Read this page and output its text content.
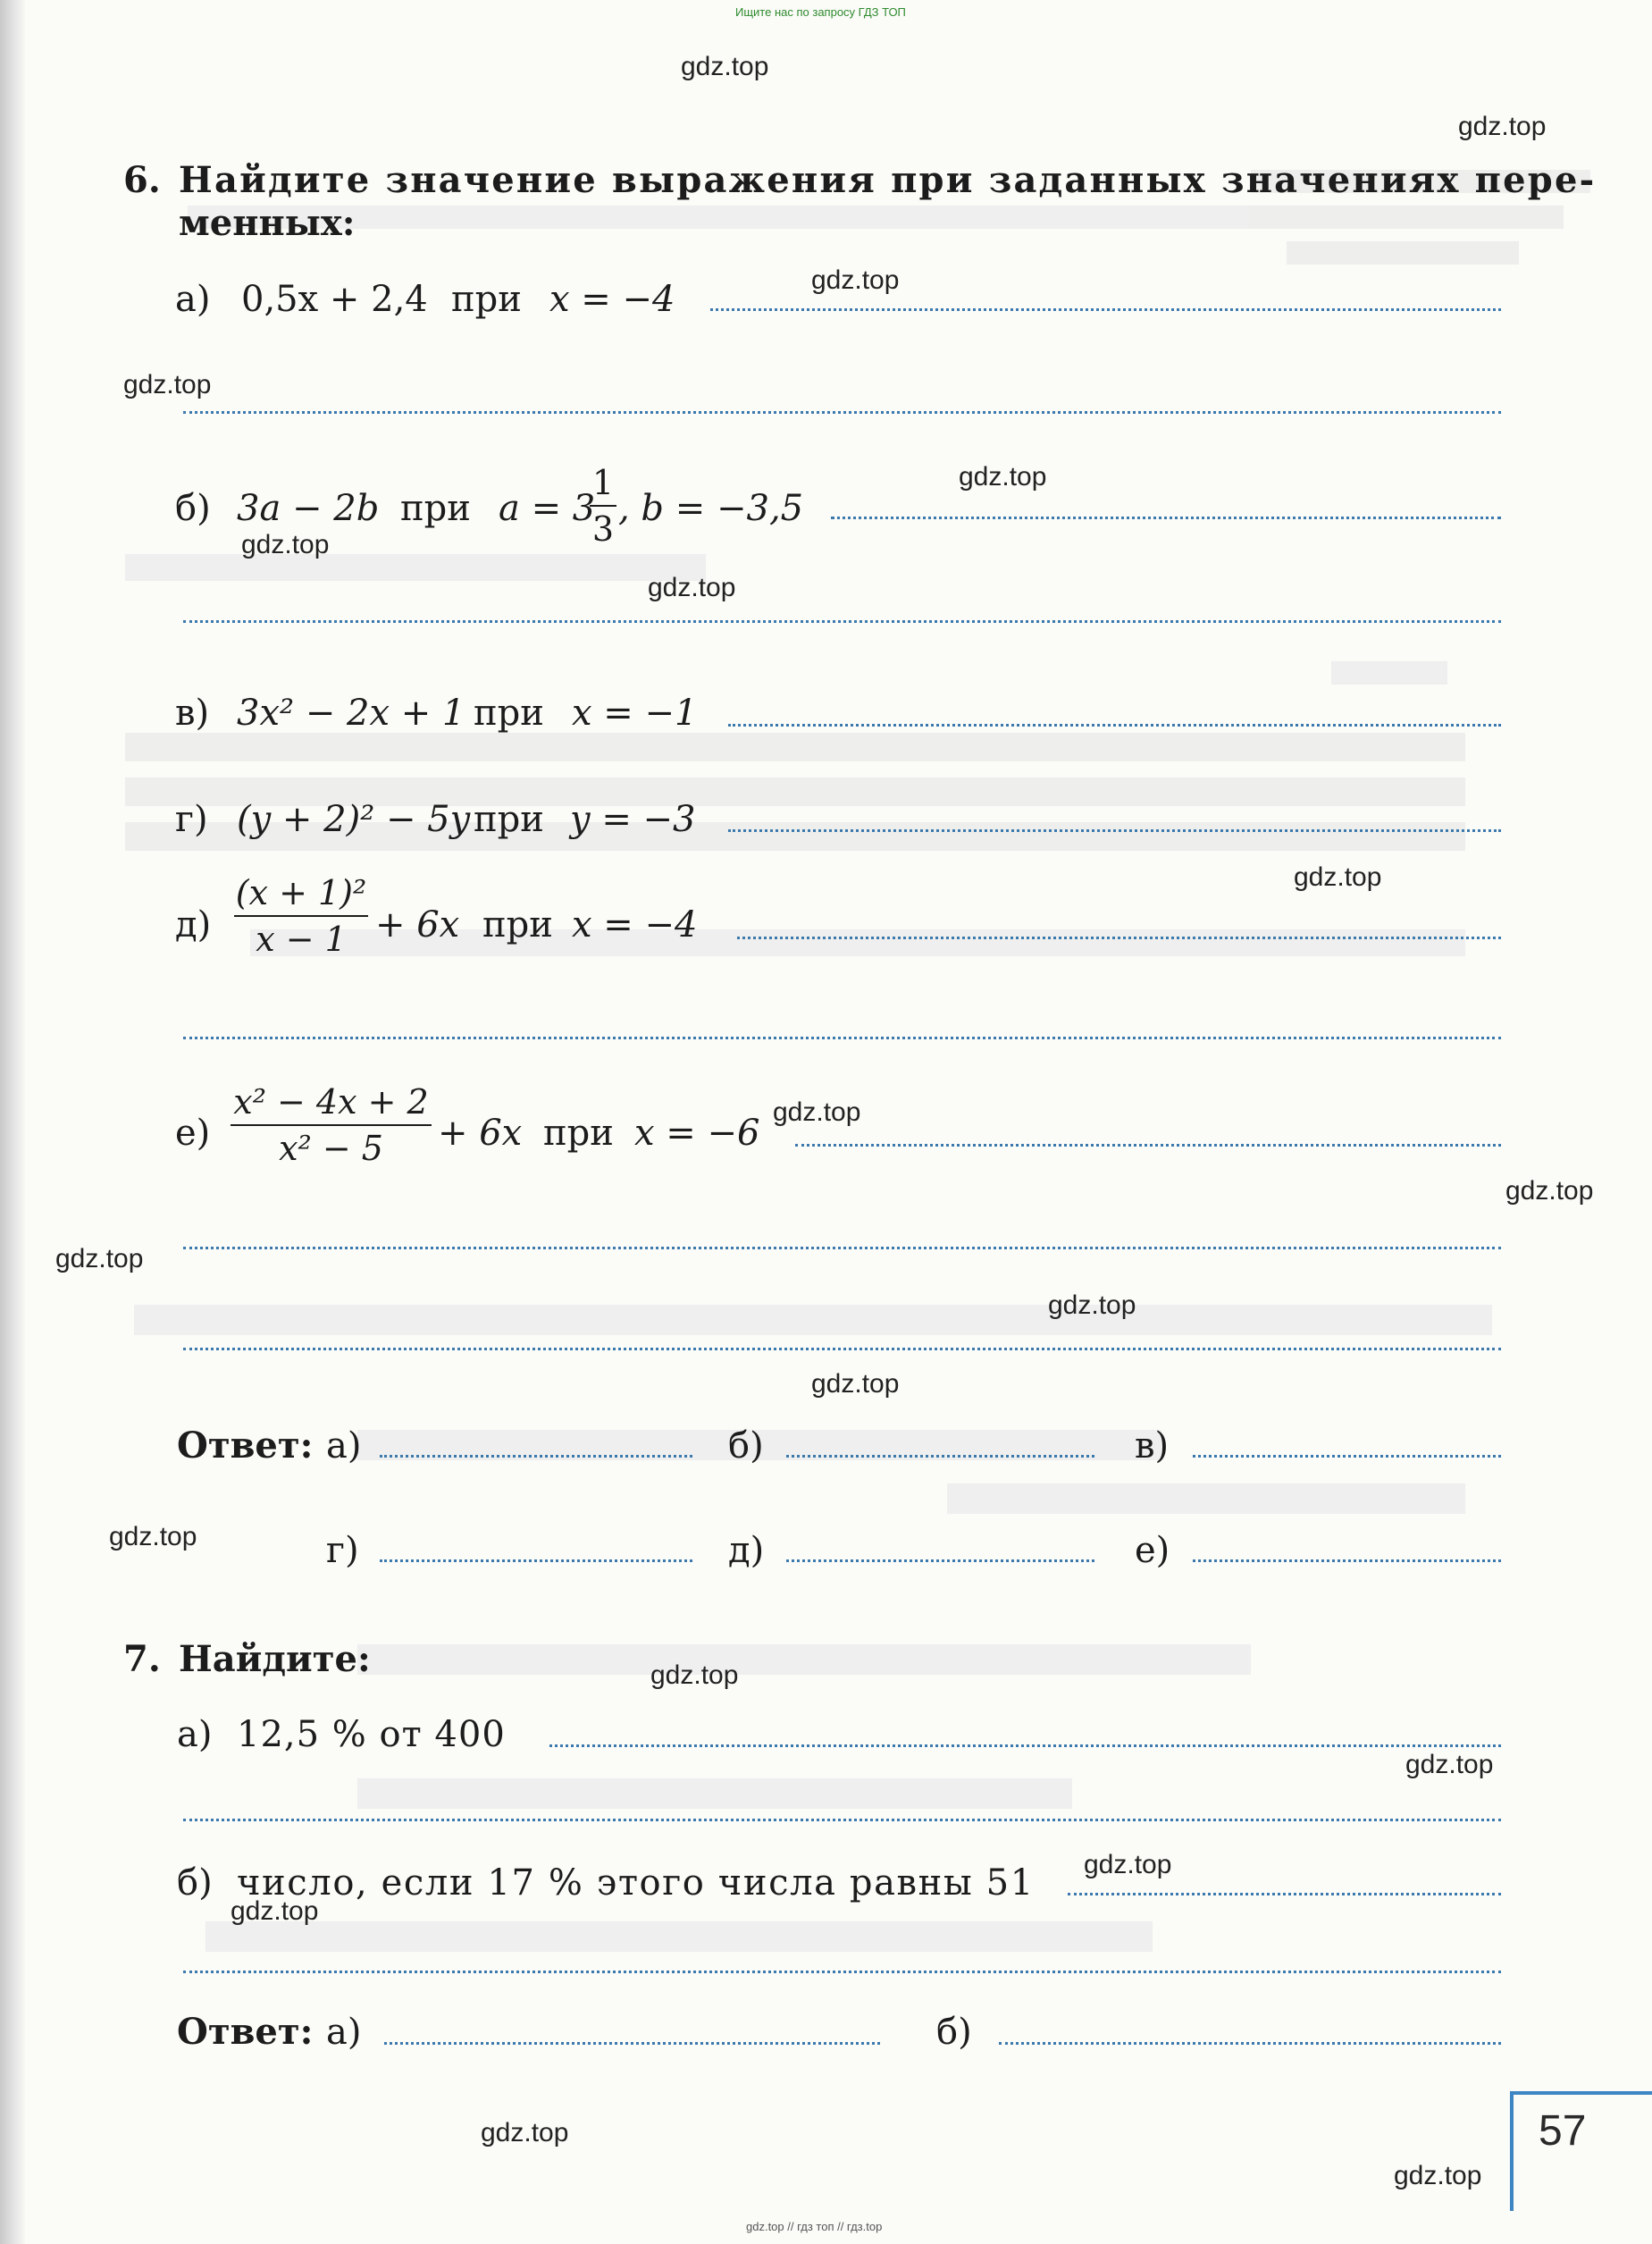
Ищите нас по запросу ГДЗ ТОП
gdz.top
gdz.top
gdz.top
gdz.top
gdz.top
gdz.top
gdz.top
gdz.top
gdz.top
gdz.top
gdz.top
gdz.top
gdz.top
gdz.top
gdz.top
gdz.top
gdz.top
gdz.top
gdz.top
gdz.top
6. Найдите значение выражения при заданных значениях пере-
менных:
а) 0,5x + 2,4 при x = −4
б) 3a − 2b при a = 3
1
3 , b = −3,5
в) 3x² − 2x + 1 при x = −1
г) (y + 2)² − 5y при y = −3
д)
(x + 1)²
x − 1 + 6x при x = −4
е)
x² − 4x + 2
x² − 5	+ 6x при x = −6
Ответ: а)	б)	в)
г)	д)	е)
7. Найдите:
а) 12,5 % от 400
б) число, если 17 % этого числа равны 51
Ответ: а)	б)
57
gdz.top // гдз топ // гдз.top
